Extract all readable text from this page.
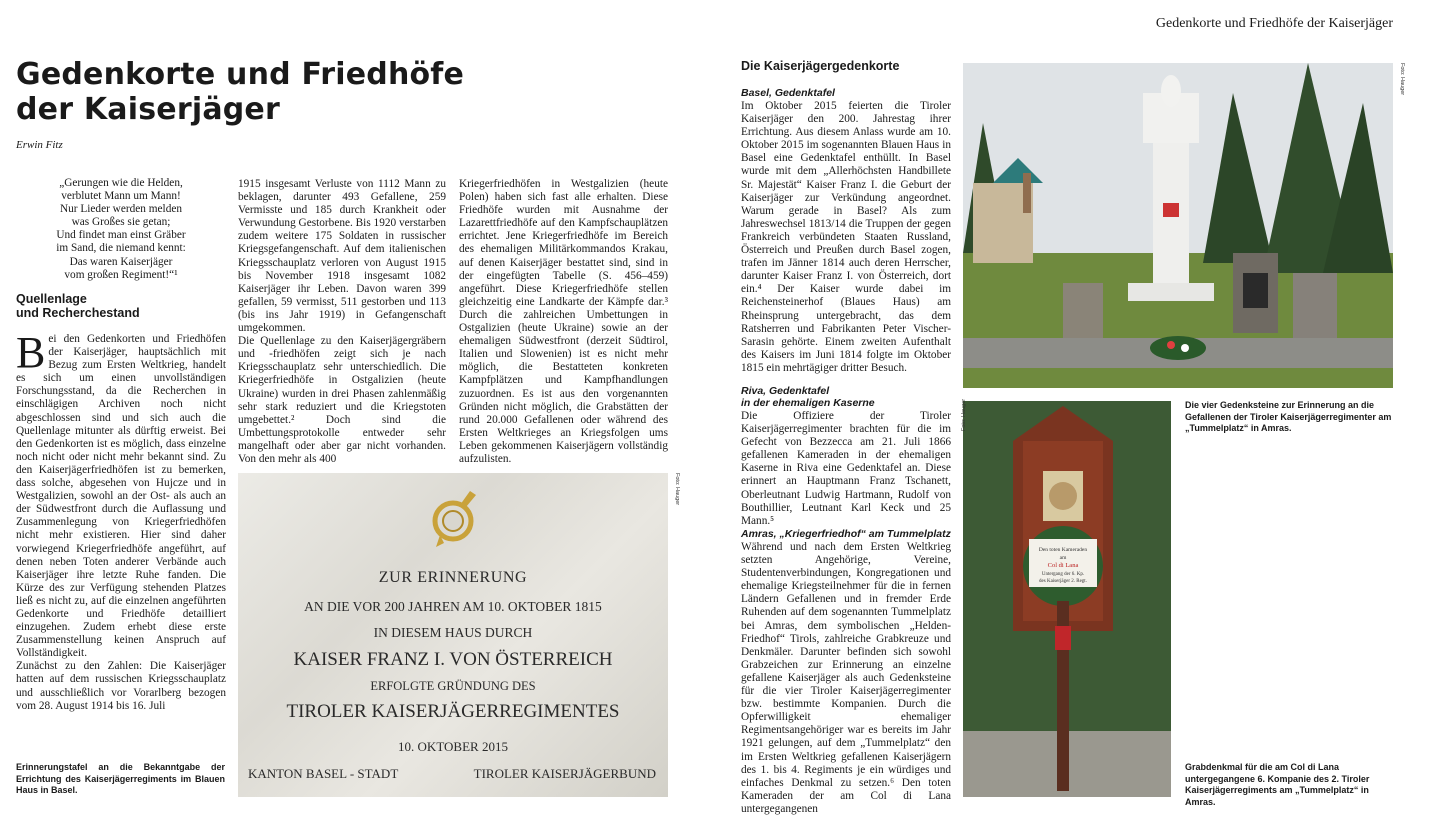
Gedenkorte und Friedhöfe der Kaiserjäger
Gedenkorte und Friedhöfe
der Kaiserjäger
Erwin Fitz
„Gerungen wie die Helden,
verblutet Mann um Mann!
Nur Lieder werden melden
was Großes sie getan;
Und findet man einst Gräber
im Sand, die niemand kennt:
Das waren Kaiserjäger
vom großen Regiment!“¹
Quellenlage
und Recherchestand
Bei den Gedenkorten und Friedhöfen der Kaiserjäger, hauptsächlich mit Bezug zum Ersten Weltkrieg, handelt es sich um einen unvollständigen Forschungsstand, da die Recherchen in einschlägigen Archiven noch nicht abgeschlossen sind und sich auch die Quellenlage mitunter als dürftig erweist. Bei den Gedenkorten ist es möglich, dass einzelne noch nicht oder nicht mehr bekannt sind. Zu den Kaiserjägerfriedhöfen ist zu bemerken, dass solche, abgesehen von Hujcze und in Westgalizien, sowohl an der Ost- als auch an der Südwestfront durch die Auflassung und Zusammenlegung von Kriegerfriedhöfen nicht mehr existieren. Hier sind daher vorwiegend Kriegerfriedhöfe angeführt, auf denen neben Toten anderer Verbände auch Kaiserjäger ihre letzte Ruhe fanden. Die Kürze des zur Verfügung stehenden Platzes ließ es nicht zu, auf die einzelnen angeführten Gedenkorte und Friedhöfe detailliert einzugehen. Zudem erhebt diese erste Zusammenstellung keinen Anspruch auf Vollständigkeit.
Zunächst zu den Zahlen: Die Kaiserjäger hatten auf dem russischen Kriegsschauplatz und ausschließlich vor Vorarlberg bezogen vom 28. August 1914 bis 16. Juli
1915 insgesamt Verluste von 1112 Mann zu beklagen, darunter 493 Gefallene, 259 Vermisste und 185 durch Krankheit oder Verwundung Gestorbene. Bis 1920 verstarben zudem weitere 175 Soldaten in russischer Kriegsgefangenschaft. Auf dem italienischen Kriegsschauplatz verloren von August 1915 bis November 1918 insgesamt 1082 Kaiserjäger ihr Leben. Davon waren 399 gefallen, 59 vermisst, 511 gestorben und 113 (bis ins Jahr 1919) in Gefangenschaft umgekommen.
Die Quellenlage zu den Kaiserjägergräbern und -friedhöfen zeigt sich je nach Kriegsschauplatz sehr unterschiedlich. Die Kriegerfriedhöfe in Ostgalizien (heute Ukraine) wurden in drei Phasen zahlenmäßig sehr stark reduziert und die Kriegstoten umgebettet.² Doch sind die Umbettungsprotokolle entweder sehr mangelhaft oder aber gar nicht vorhanden. Von den mehr als 400
Kriegerfriedhöfen in Westgalizien (heute Polen) haben sich fast alle erhalten. Diese Friedhöfe wurden mit Ausnahme der Lazarettfriedhöfe auf den Kampfschauplätzen errichtet. Jene Kriegerfriedhöfe im Bereich des ehemaligen Militärkommandos Krakau, auf denen Kaiserjäger bestattet sind, sind in der eingefügten Tabelle (S. 456–459) angeführt. Diese Kriegerfriedhöfe stellen gleichzeitig eine Landkarte der Kämpfe dar.³ Durch die zahlreichen Umbettungen in Ostgalizien (heute Ukraine) sowie an der ehemaligen Südwestfront (derzeit Südtirol, Italien und Slowenien) ist es nicht mehr möglich, die Bestatteten konkreten Kampfplätzen und Kampfhandlungen zuzuordnen. Es ist aus den vorgenannten Gründen nicht möglich, die Grabstätten der rund 20.000 Gefallenen oder während des Ersten Weltkrieges an Kriegsfolgen ums Leben gekommenen Kaiserjägern vollständig aufzulisten.
ZUR ERINNERUNG
AN DIE VOR 200 JAHREN AM 10. OKTOBER 1815
IN DIESEM HAUS DURCH
KAISER FRANZ I. VON ÖSTERREICH
ERFOLGTE GRÜNDUNG DES
TIROLER KAISERJÄGERREGIMENTES
10. OKTOBER 2015
KANTON BASEL - STADT	TIROLER KAISERJÄGERBUND
Foto: Hauger
Erinnerungstafel an die Bekanntgabe der Errichtung des Kaiserjägerregiments im Blauen Haus in Basel.
Die Kaiserjägergedenkorte
Basel, Gedenktafel
Im Oktober 2015 feierten die Tiroler Kaiserjäger den 200. Jahrestag ihrer Errichtung. Aus diesem Anlass wurde am 10. Oktober 2015 im sogenannten Blauen Haus in Basel eine Gedenktafel enthüllt. In Basel wurde mit dem „Allerhöchsten Handbillete Sr. Majestät“ Kaiser Franz I. die Geburt der Kaiserjäger zur Verkündung angeordnet. Warum gerade in Basel? Als zum Jahreswechsel 1813/14 die Truppen der gegen Frankreich verbündeten Staaten Russland, Österreich und Preußen durch Basel zogen, trafen im Jänner 1814 auch deren Herrscher, darunter Kaiser Franz I. von Österreich, dort ein.⁴ Der Kaiser wurde dabei im Reichensteinerhof (Blaues Haus) am Rheinsprung untergebracht, das dem Ratsherren und Fabrikanten Peter Vischer-Sarasin gehörte. Einem zweiten Aufenthalt des Kaisers im Juni 1814 folgte im Oktober 1815 ein mehrtägiger dritter Besuch.
Riva, Gedenktafel
in der ehemaligen Kaserne
Die Offiziere der Tiroler Kaiserjägerregimenter brachten für die im Gefecht von Bezzecca am 21. Juli 1866 gefallenen Kameraden in der ehemaligen Kaserne in Riva eine Gedenktafel an. Diese erinnert an Hauptmann Franz Tschanett, Oberleutnant Ludwig Hartmann, Rudolf von Bouthillier, Leutnant Karl Keck und 25 Mann.⁵
Amras, „Kriegerfriedhof“ am Tummelplatz
Während und nach dem Ersten Weltkrieg setzten Angehörige, Vereine, Studentenverbindungen, Kongregationen und ehemalige Kriegsteilnehmer für die in fernen Ländern Gefallenen und in fremder Erde Ruhenden auf dem sogenannten Tummelplatz bei Amras, dem symbolischen „Helden-Friedhof“ Tirols, zahlreiche Grabkreuze und Denkmäler. Darunter befinden sich sowohl Grabzeichen zur Erinnerung an einzelne gefallene Kaiserjäger als auch Gedenksteine für die vier Tiroler Kaiserjägerregimenter bzw. bestimmte Kompanien. Durch die Opferwilligkeit ehemaliger Regimentsangehöriger war es bereits im Jahr 1921 gelungen, auf dem „Tummelplatz“ den im Ersten Weltkrieg gefallenen Kaiserjägern des 1. bis 4. Regiments je ein würdiges und einfaches Denkmal zu setzen.⁶ Den toten Kameraden der am Col di Lana untergegangenen
Foto: Hauger
Den toten Kameraden
am
Col di Lana
Untergang der 6. Kp.
des Kaiserjäger 2. Regt.
Foto: Hauger	Die vier Gedenksteine zur Erinnerung an die Gefallenen der Tiroler Kaiserjägerregimenter am „Tummelplatz“ in Amras.
Grabdenkmal für die am Col di Lana untergegangene 6. Kompanie des 2. Tiroler Kaiserjägerregiments am „Tummelplatz“ in Amras.
